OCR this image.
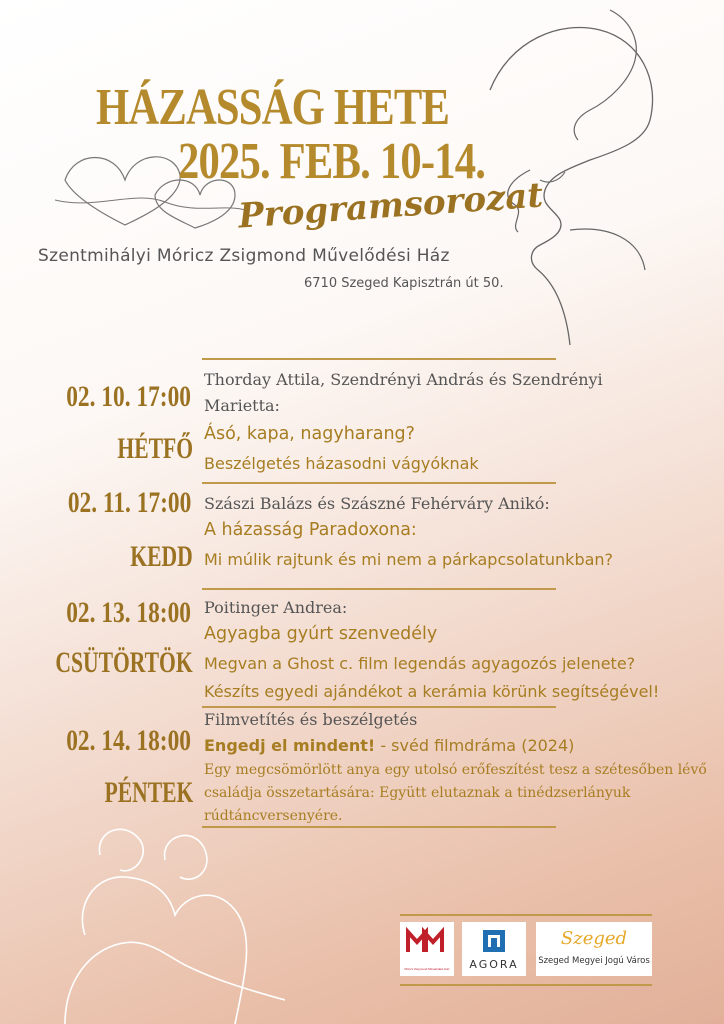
HÁZASSÁG HETE
2025. FEB. 10-14.
Programsorozat
Szentmihályi Móricz Zsigmond Művelődési Ház
6710 Szeged Kapisztrán út 50.
02. 10. 17:00
HÉTFŐ
Thorday Attila, Szendrényi András és Szendrényi
Marietta:
Ásó, kapa, nagyharang?
Beszélgetés házasodni vágyóknak
02. 11. 17:00
KEDD
Szászi Balázs és Szászné Fehérváry Anikó:
A házasság Paradoxona:
Mi múlik rajtunk és mi nem a párkapcsolatunkban?
02. 13. 18:00
CSÜTÖRTÖK
Poitinger Andrea:
Agyagba gyúrt szenvedély
Megvan a Ghost c. film legendás agyagozós jelenete?
Készíts egyedi ajándékot a kerámia körünk segítségével!
02. 14. 18:00
PÉNTEK
Filmvetítés és beszélgetés
Engedj el mindent! - svéd filmdráma (2024)
Egy megcsömörlött anya egy utolsó erőfeszítést tesz a szétesőben lévő
családja összetartására: Együtt elutaznak a tinédzserlányuk
rúdtáncversenyére.
Móricz Zsigmond Művelődési Ház	AGORA
Szeged
Szeged Megyei Jogú Város
